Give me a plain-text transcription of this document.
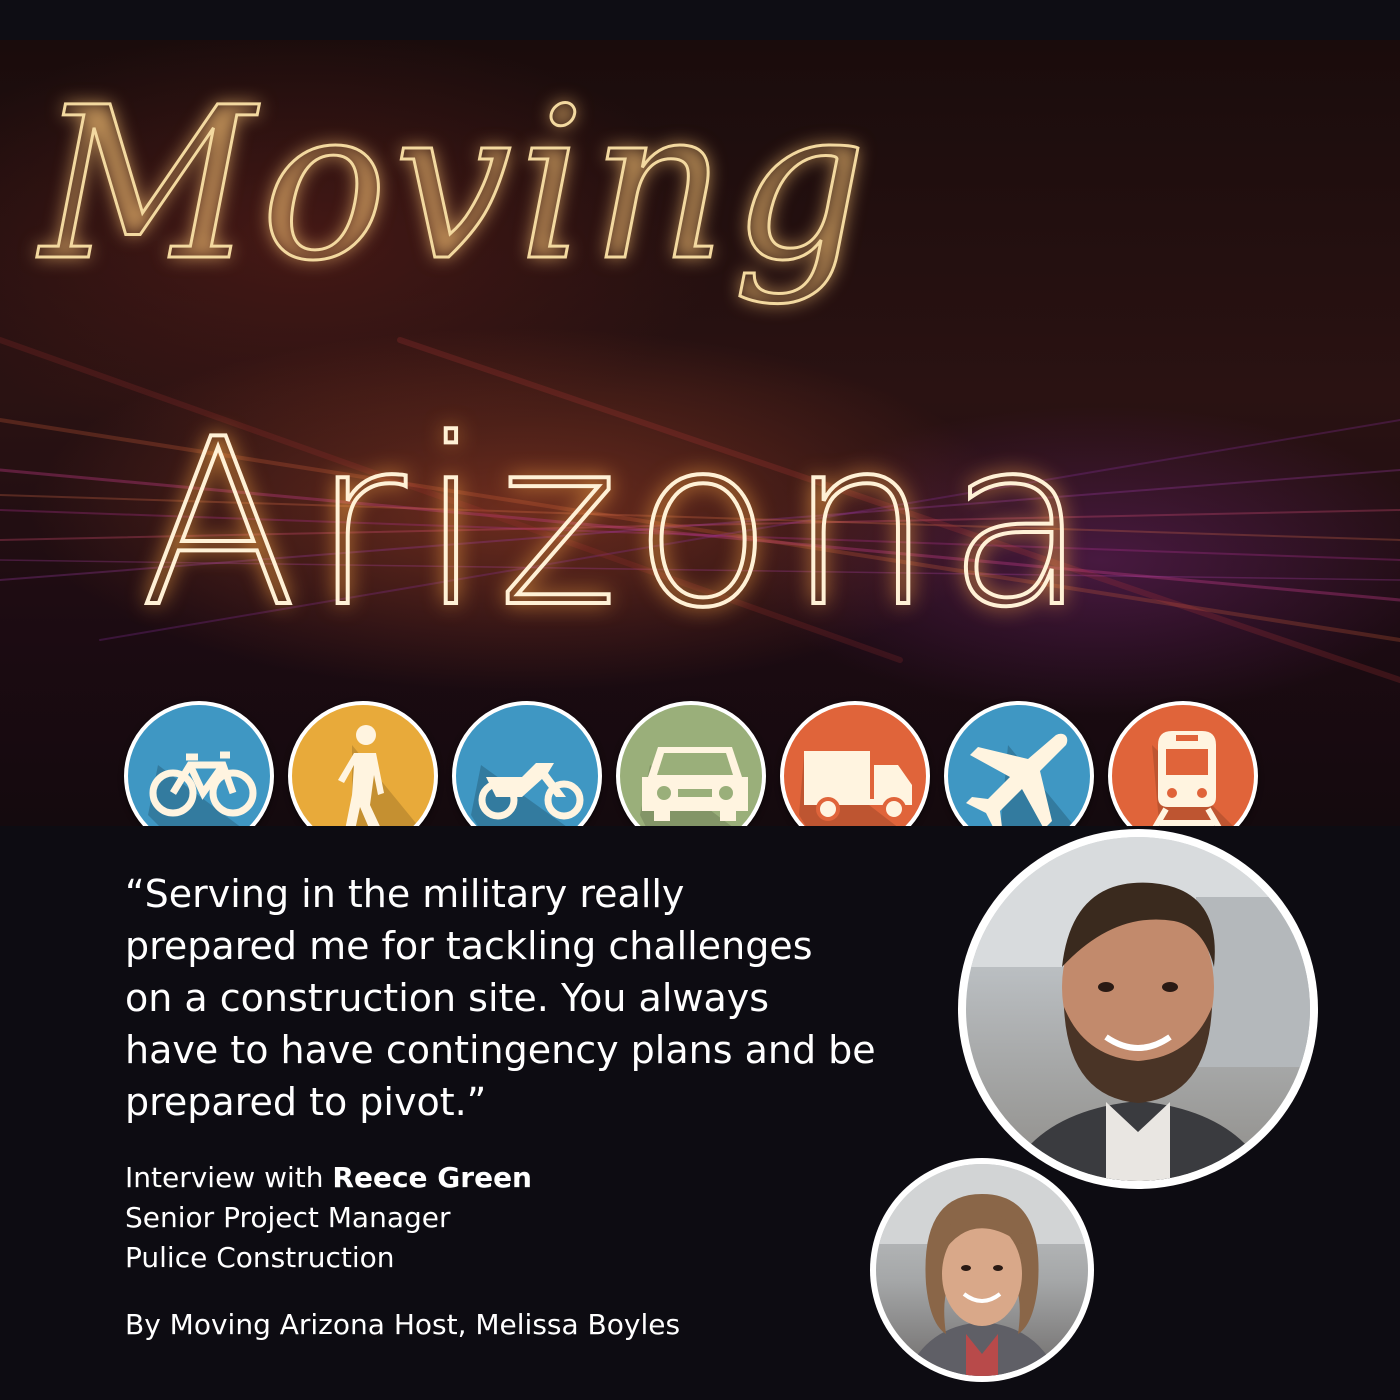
Moving
Arizona
“Serving in the military really
prepared me for tackling challenges
on a construction site. You always
have to have contingency plans and be
prepared to pivot.”
Interview with Reece Green
Senior Project Manager
Pulice Construction
By Moving Arizona Host, Melissa Boyles
